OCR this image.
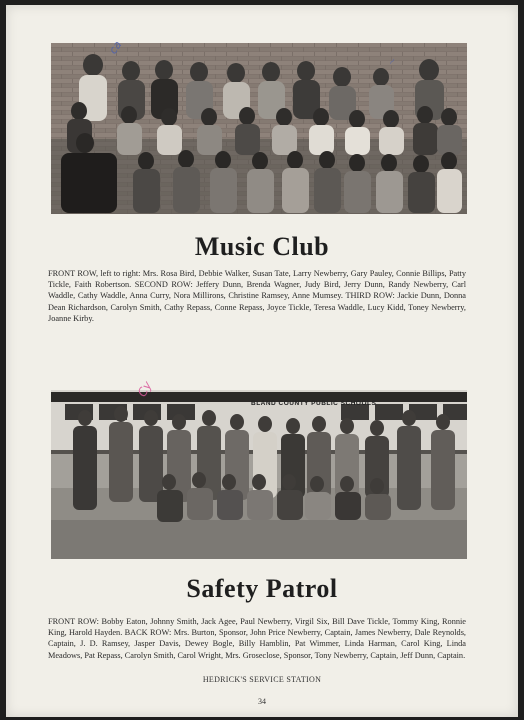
ca
~
Music Club
FRONT ROW, left to right: Mrs. Rosa Bird, Debbie Walker, Susan Tate, Larry Newberry, Gary Pauley, Connie Billips, Patty Tickle, Faith Robertson. SECOND ROW: Jeffery Dunn, Brenda Wagner, Judy Bird, Jerry Dunn, Randy Newberry, Carl Waddle, Cathy Waddle, Anna Curry, Nora Millirons, Christine Ramsey, Anne Mumsey. THIRD ROW: Jackie Dunn, Donna Dean Richardson, Carolyn Smith, Cathy Repass, Conne Repass, Joyce Tickle, Teresa Waddle, Lucy Kidd, Toney Newberry, Joanne Kirby.
BLAND COUNTY PUBLIC SCHOOLS
Cy
Safety Patrol
FRONT ROW: Bobby Eaton, Johnny Smith, Jack Agee, Paul Newberry, Virgil Six, Bill Dave Tickle, Tommy King, Ronnie King, Harold Hayden. BACK ROW: Mrs. Burton, Sponsor, John Price Newberry, Captain, James Newberry, Dale Reynolds, Captain, J. D. Ramsey, Jasper Davis, Dewey Bogle, Billy Hamblin, Pat Wimmer, Linda Harman, Carol King, Linda Meadows, Pat Repass, Carolyn Smith, Carol Wright, Mrs. Groseclose, Sponsor, Tony Newberry, Captain, Jeff Dunn, Captain.
HEDRICK'S SERVICE STATION
34
